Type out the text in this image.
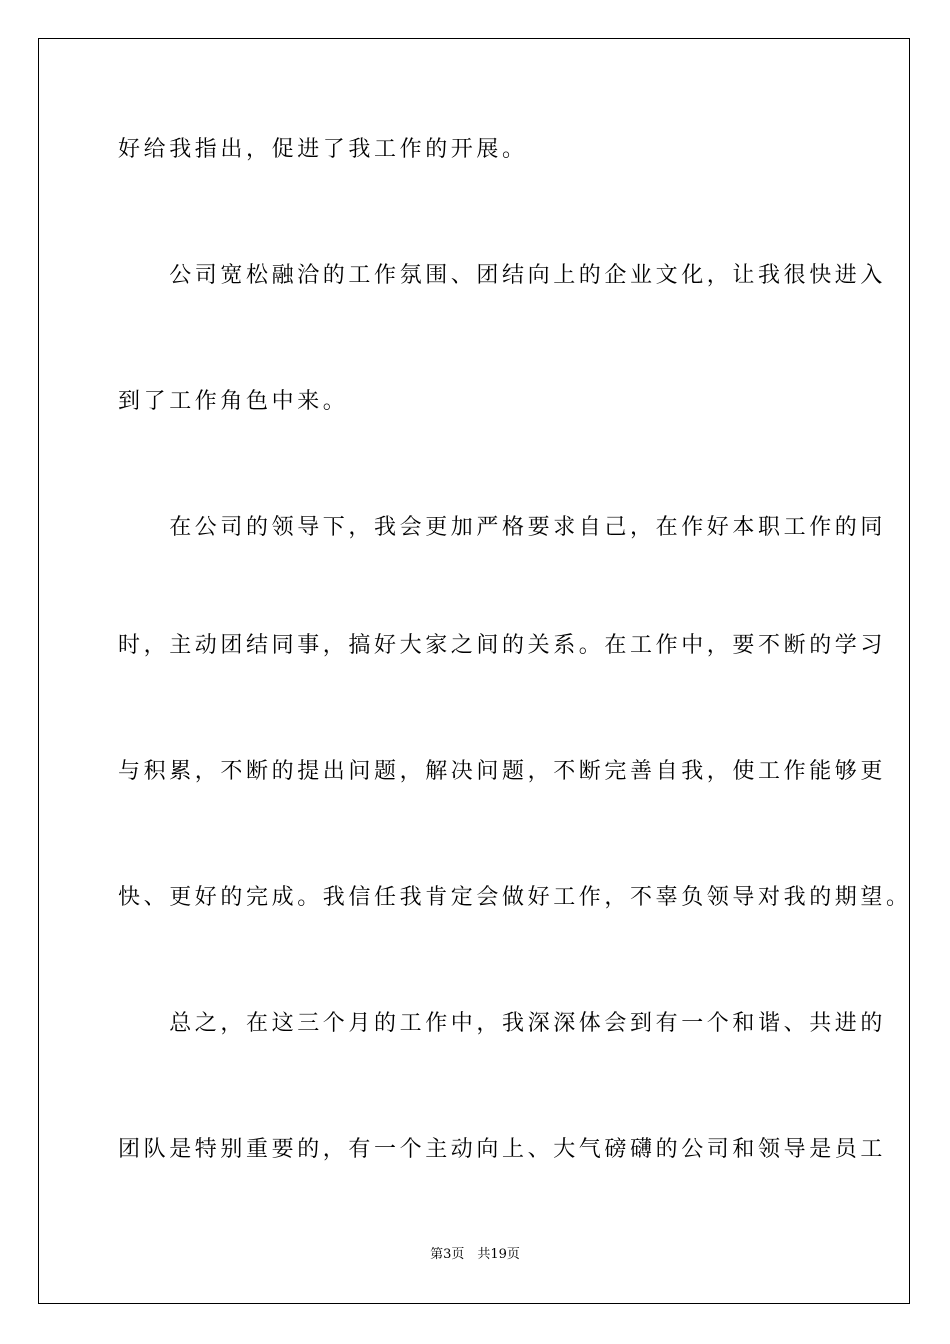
好给我指出，促进了我工作的开展。
　　公司宽松融洽的工作氛围、团结向上的企业文化，让我很快进入
到了工作角色中来。
　　在公司的领导下，我会更加严格要求自己，在作好本职工作的同
时，主动团结同事，搞好大家之间的关系。在工作中，要不断的学习
与积累，不断的提出问题，解决问题，不断完善自我，使工作能够更
快、更好的完成。我信任我肯定会做好工作，不辜负领导对我的期望。
　　总之，在这三个月的工作中，我深深体会到有一个和谐、共进的
团队是特别重要的，有一个主动向上、大气磅礴的公司和领导是员工
第3页　共19页
